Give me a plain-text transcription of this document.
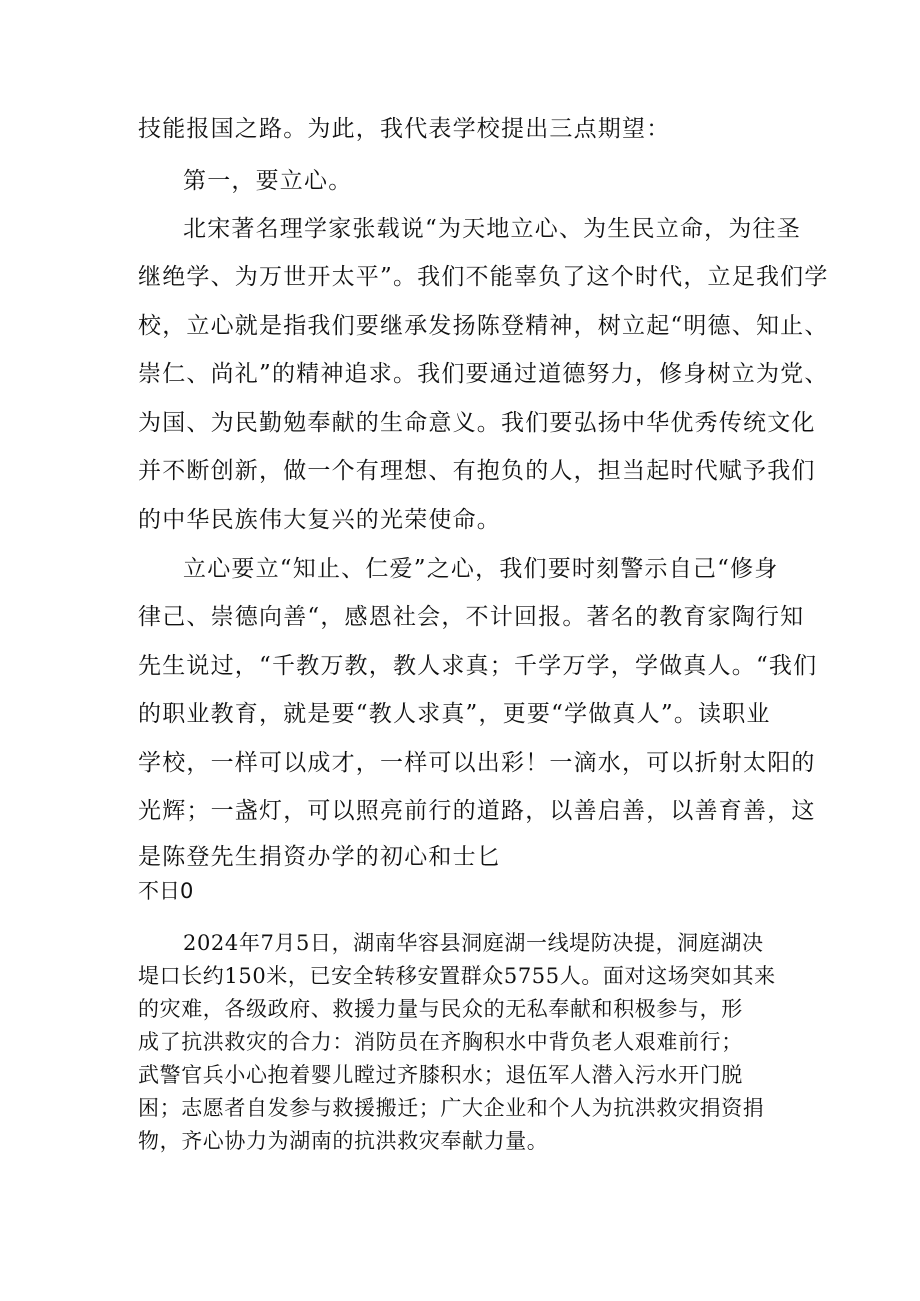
技能报国之路。为此，我代表学校提出三点期望：
第一，要立心。
北宋著名理学家张载说“为天地立心、为生民立命，为往圣
继绝学、为万世开太平”。我们不能辜负了这个时代，立足我们学
校，立心就是指我们要继承发扬陈登精神，树立起“明德、知止、
崇仁、尚礼”的精神追求。我们要通过道德努力，修身树立为党、
为国、为民勤勉奉献的生命意义。我们要弘扬中华优秀传统文化
并不断创新，做一个有理想、有抱负的人，担当起时代赋予我们
的中华民族伟大复兴的光荣使命。
立心要立“知止、仁爱”之心，我们要时刻警示自己“修身
律己、崇德向善“，感恩社会，不计回报。著名的教育家陶行知
先生说过，“千教万教，教人求真；千学万学，学做真人。“我们
的职业教育，就是要“教人求真”，更要“学做真人”。读职业
学校，一样可以成才，一样可以出彩！一滴水，可以折射太阳的
光辉；一盏灯，可以照亮前行的道路，以善启善，以善育善，这
是陈登先生捐资办学的初心和士匕
不日0
2024年7月5日，湖南华容县洞庭湖一线堤防决提，洞庭湖决
堤口长约150米，已安全转移安置群众5755人。面对这场突如其来
的灾难，各级政府、救援力量与民众的无私奉献和积极参与，形
成了抗洪救灾的合力：消防员在齐胸积水中背负老人艰难前行；
武警官兵小心抱着婴儿瞠过齐膝积水；退伍军人潜入污水开门脱
困；志愿者自发参与救援搬迁；广大企业和个人为抗洪救灾捐资捐
物，齐心协力为湖南的抗洪救灾奉献力量。
